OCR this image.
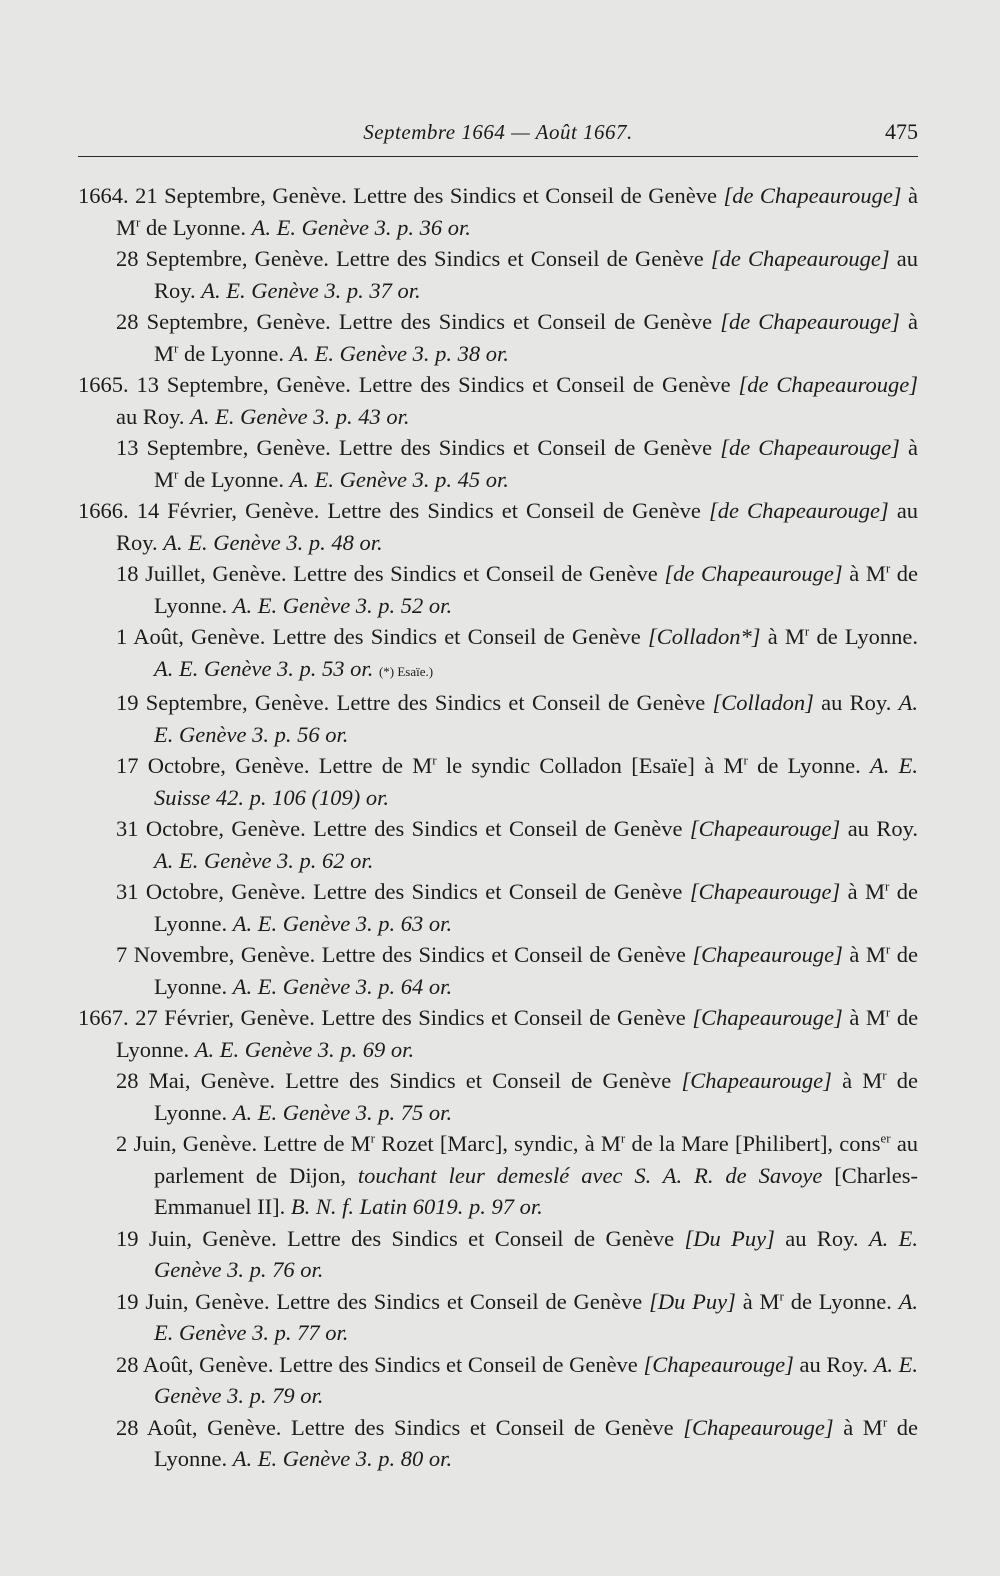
Septembre 1664 — Août 1667.	475
1664. 21 Septembre, Genève. Lettre des Sindics et Conseil de Genève [de Chapeaurouge] à $M^r$ de Lyonne. A. E. Genève 3. p. 36 or.
28 Septembre, Genève. Lettre des Sindics et Conseil de Genève [de Chapeaurouge] au Roy. A. E. Genève 3. p. 37 or.
28 Septembre, Genève. Lettre des Sindics et Conseil de Genève [de Chapeaurouge] à $M^r$ de Lyonne. A. E. Genève 3. p. 38 or.
1665. 13 Septembre, Genève. Lettre des Sindics et Conseil de Genève [de Chapeaurouge] au Roy. A. E. Genève 3. p. 43 or.
13 Septembre, Genève. Lettre des Sindics et Conseil de Genève [de Chapeaurouge] à $M^r$ de Lyonne. A. E. Genève 3. p. 45 or.
1666. 14 Février, Genève. Lettre des Sindics et Conseil de Genève [de Chapeaurouge] au Roy. A. E. Genève 3. p. 48 or.
18 Juillet, Genève. Lettre des Sindics et Conseil de Genève [de Chapeaurouge] à $M^r$ de Lyonne. A. E. Genève 3. p. 52 or.
1 Août, Genève. Lettre des Sindics et Conseil de Genève [Colladon*] à $M^r$ de Lyonne. A. E. Genève 3. p. 53 or. (*) Esaïe.)
19 Septembre, Genève. Lettre des Sindics et Conseil de Genève [Colladon] au Roy. A. E. Genève 3. p. 56 or.
17 Octobre, Genève. Lettre de $M^r$ le syndic Colladon [Esaïe] à $M^r$ de Lyonne. A. E. Suisse 42. p. 106 (109) or.
31 Octobre, Genève. Lettre des Sindics et Conseil de Genève [Chapeaurouge] au Roy. A. E. Genève 3. p. 62 or.
31 Octobre, Genève. Lettre des Sindics et Conseil de Genève [Chapeaurouge] à $M^r$ de Lyonne. A. E. Genève 3. p. 63 or.
7 Novembre, Genève. Lettre des Sindics et Conseil de Genève [Chapeaurouge] à $M^r$ de Lyonne. A. E. Genève 3. p. 64 or.
1667. 27 Février, Genève. Lettre des Sindics et Conseil de Genève [Chapeaurouge] à $M^r$ de Lyonne. A. E. Genève 3. p. 69 or.
28 Mai, Genève. Lettre des Sindics et Conseil de Genève [Chapeaurouge] à $M^r$ de Lyonne. A. E. Genève 3. p. 75 or.
2 Juin, Genève. Lettre de $M^r$ Rozet [Marc], syndic, à $M^r$ de la Mare [Philibert], cons$^{er}$ au parlement de Dijon, touchant leur demeslé avec S. A. R. de Savoye [Charles-Emmanuel II]. B. N. f. Latin 6019. p. 97 or.
19 Juin, Genève. Lettre des Sindics et Conseil de Genève [Du Puy] au Roy. A. E. Genève 3. p. 76 or.
19 Juin, Genève. Lettre des Sindics et Conseil de Genève [Du Puy] à $M^r$ de Lyonne. A. E. Genève 3. p. 77 or.
28 Août, Genève. Lettre des Sindics et Conseil de Genève [Chapeaurouge] au Roy. A. E. Genève 3. p. 79 or.
28 Août, Genève. Lettre des Sindics et Conseil de Genève [Chapeaurouge] à $M^r$ de Lyonne. A. E. Genève 3. p. 80 or.
